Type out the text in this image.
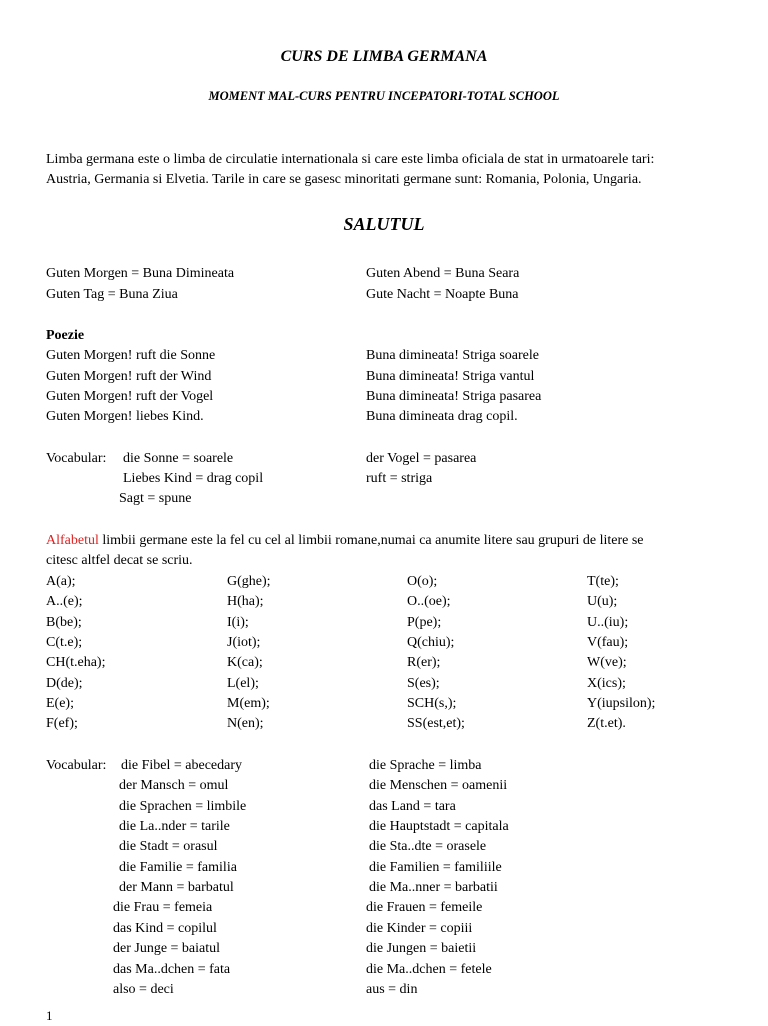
CURS DE LIMBA GERMANA
MOMENT MAL-CURS PENTRU INCEPATORI-TOTAL SCHOOL
Limba germana este o limba de circulatie internationala si care este limba oficiala de stat in urmatoarele tari:
Austria, Germania si Elvetia. Tarile in care se gasesc minoritati germane sunt: Romania, Polonia, Ungaria.
SALUTUL
Guten Morgen = Buna Dimineata
Guten Tag = Buna Ziua
Guten Abend = Buna Seara
Gute Nacht = Noapte Buna
Poezie
Guten Morgen! ruft die Sonne
Guten Morgen! ruft der Wind
Guten Morgen! ruft der Vogel
Guten Morgen! liebes Kind.
Buna dimineata! Striga soarele
Buna dimineata! Striga vantul
Buna dimineata! Striga pasarea
Buna dimineata drag copil.
Vocabular: die Sonne = soarele
Liebes Kind = drag copil
Sagt = spune
der Vogel = pasarea
ruft = striga
Alfabetul limbii germane este la fel cu cel al limbii romane,numai ca anumite litere sau grupuri de litere se
citesc altfel decat se scriu.
A(a);
A..(e);
B(be);
C(t.e);
CH(t.eha);
D(de);
E(e);
F(ef);
G(ghe);
H(ha);
I(i);
J(iot);
K(ca);
L(el);
M(em);
N(en);
O(o);
O..(oe);
P(pe);
Q(chiu);
R(er);
S(es);
SCH(s,);
SS(est,et);
T(te);
U(u);
U..(iu);
V(fau);
W(ve);
X(ics);
Y(iupsilon);
Z(t.et).
Vocabular: die Fibel = abecedary
der Mansch = omul
die Sprachen = limbile
die La..nder = tarile
die Stadt = orasul
die Familie = familia
der Mann = barbatul
die Frau = femeia
das Kind = copilul
der Junge = baiatul
das Ma..dchen = fata
also = deci
die Sprache = limba
die Menschen = oamenii
das Land = tara
die Hauptstadt = capitala
die Sta..dte = orasele
die Familien = familiile
die Ma..nner = barbatii
die Frauen = femeile
die Kinder = copiii
die Jungen = baietii
die Ma..dchen = fetele
aus = din
1
